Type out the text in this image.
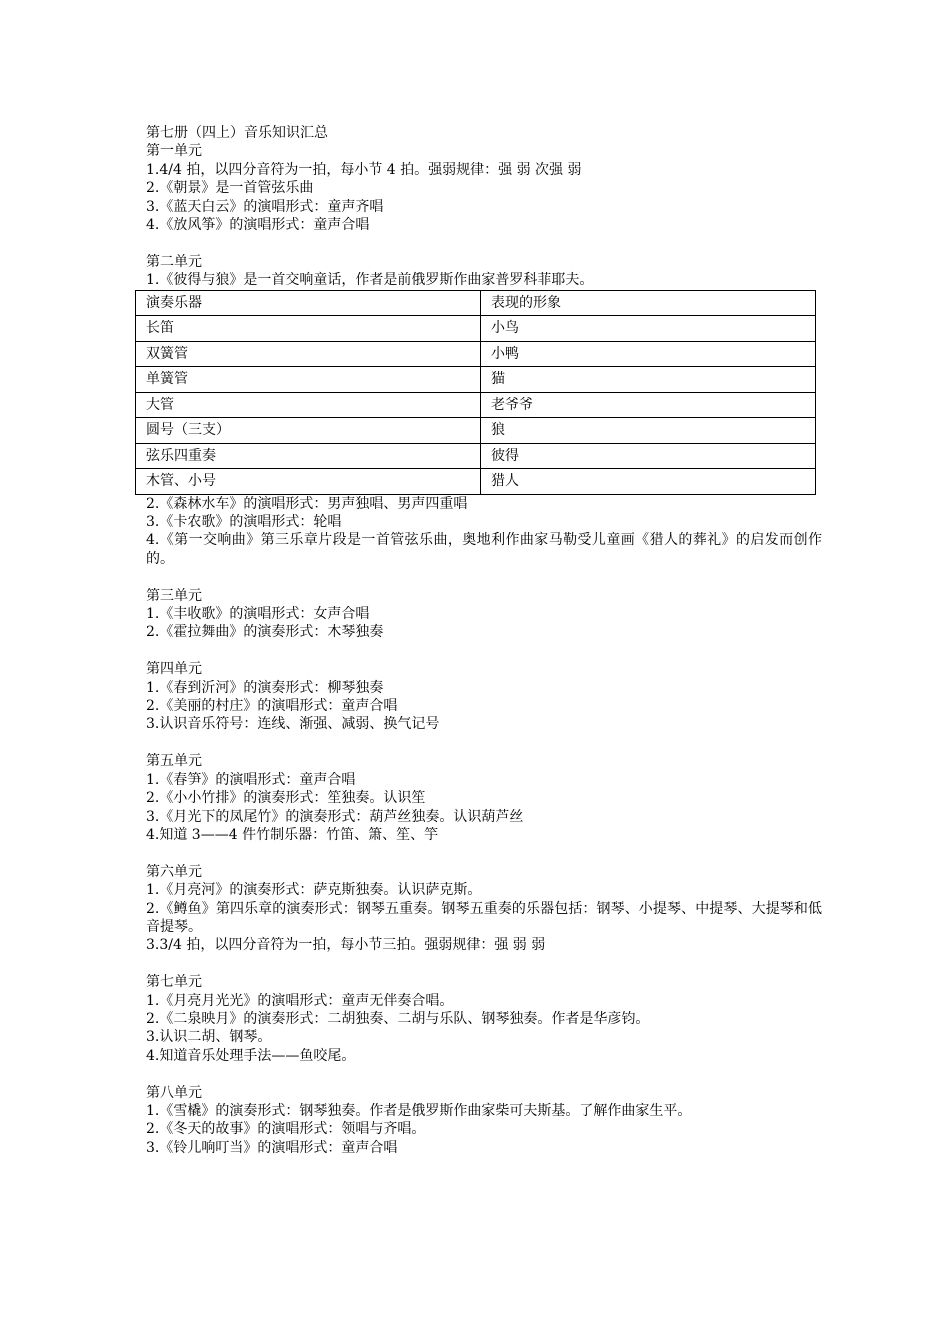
第七册（四上）音乐知识汇总
第一单元
1.4/4 拍，以四分音符为一拍，每小节 4 拍。强弱规律：强 弱 次强 弱
2.《朝景》是一首管弦乐曲
3.《蓝天白云》的演唱形式：童声齐唱
4.《放风筝》的演唱形式：童声合唱
第二单元
1.《彼得与狼》是一首交响童话，作者是前俄罗斯作曲家普罗科菲耶夫。
演奏乐器	表现的形象
长笛	小鸟
双簧管	小鸭
单簧管	猫
大管	老爷爷
圆号（三支）	狼
弦乐四重奏	彼得
木管、小号	猎人
2.《森林水车》的演唱形式：男声独唱、男声四重唱
3.《卡农歌》的演唱形式：轮唱
4.《第一交响曲》第三乐章片段是一首管弦乐曲，奥地利作曲家马勒受儿童画《猎人的葬礼》的启发而创作的。
第三单元
1.《丰收歌》的演唱形式：女声合唱
2.《霍拉舞曲》的演奏形式：木琴独奏
第四单元
1.《春到沂河》的演奏形式：柳琴独奏
2.《美丽的村庄》的演唱形式：童声合唱
3.认识音乐符号：连线、渐强、减弱、换气记号
第五单元
1.《春笋》的演唱形式：童声合唱
2.《小小竹排》的演奏形式：笙独奏。认识笙
3.《月光下的凤尾竹》的演奏形式：葫芦丝独奏。认识葫芦丝
4.知道 3——4 件竹制乐器：竹笛、箫、笙、竽
第六单元
1.《月亮河》的演奏形式：萨克斯独奏。认识萨克斯。
2.《鳟鱼》第四乐章的演奏形式：钢琴五重奏。钢琴五重奏的乐器包括：钢琴、小提琴、中提琴、大提琴和低音提琴。
3.3/4 拍，以四分音符为一拍，每小节三拍。强弱规律：强 弱 弱
第七单元
1.《月亮月光光》的演唱形式：童声无伴奏合唱。
2.《二泉映月》的演奏形式：二胡独奏、二胡与乐队、钢琴独奏。作者是华彦钧。
3.认识二胡、钢琴。
4.知道音乐处理手法——鱼咬尾。
第八单元
1.《雪橇》的演奏形式：钢琴独奏。作者是俄罗斯作曲家柴可夫斯基。了解作曲家生平。
2.《冬天的故事》的演唱形式：领唱与齐唱。
3.《铃儿响叮当》的演唱形式：童声合唱
